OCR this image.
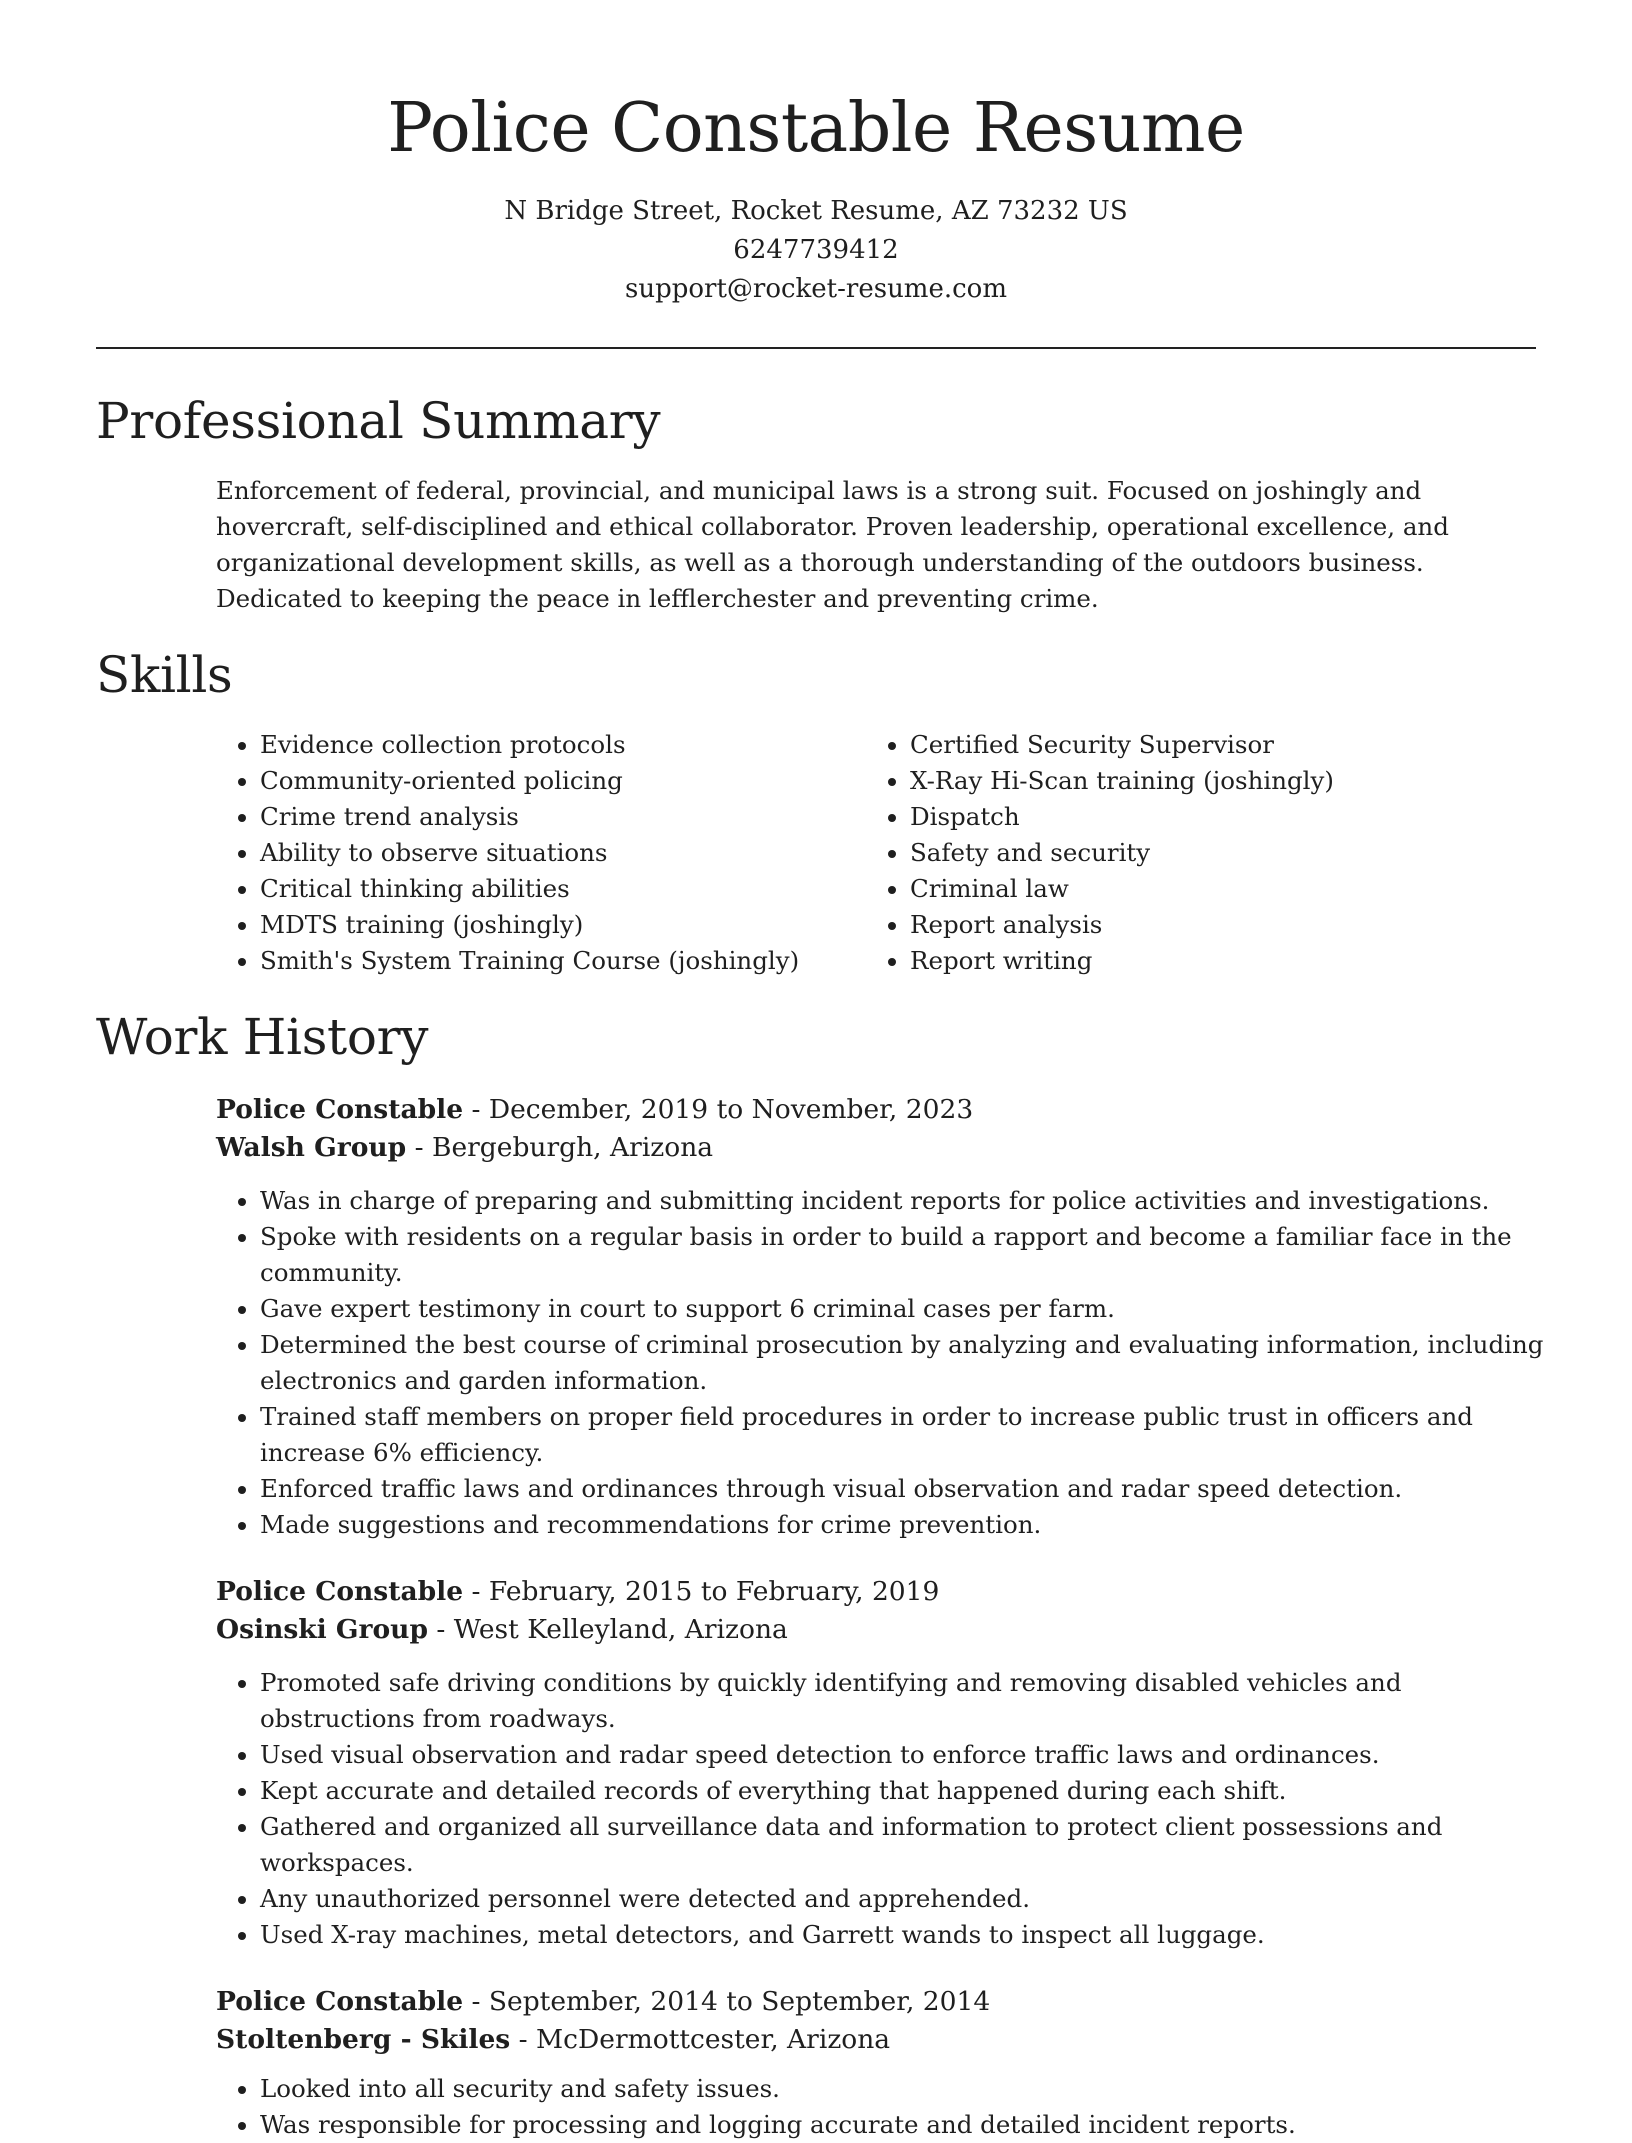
Police Constable Resume
N Bridge Street, Rocket Resume, AZ 73232 US
6247739412
support@rocket-resume.com
Professional Summary
Enforcement of federal, provincial, and municipal laws is a strong suit. Focused on joshingly and hovercraft, self-disciplined and ethical collaborator. Proven leadership, operational excellence, and organizational development skills, as well as a thorough understanding of the outdoors business. Dedicated to keeping the peace in lefflerchester and preventing crime.
Skills
• Evidence collection protocols
• Community-oriented policing
• Crime trend analysis
• Ability to observe situations
• Critical thinking abilities
• MDTS training (joshingly)
• Smith's System Training Course (joshingly)
• Certified Security Supervisor
• X-Ray Hi-Scan training (joshingly)
• Dispatch
• Safety and security
• Criminal law
• Report analysis
• Report writing
Work History
Police Constable - December, 2019 to November, 2023
Walsh Group - Bergeburgh, Arizona
• Was in charge of preparing and submitting incident reports for police activities and investigations.
• Spoke with residents on a regular basis in order to build a rapport and become a familiar face in the community.
• Gave expert testimony in court to support 6 criminal cases per farm.
• Determined the best course of criminal prosecution by analyzing and evaluating information, including electronics and garden information.
• Trained staff members on proper field procedures in order to increase public trust in officers and increase 6% efficiency.
• Enforced traffic laws and ordinances through visual observation and radar speed detection.
• Made suggestions and recommendations for crime prevention.
Police Constable - February, 2015 to February, 2019
Osinski Group - West Kelleyland, Arizona
• Promoted safe driving conditions by quickly identifying and removing disabled vehicles and obstructions from roadways.
• Used visual observation and radar speed detection to enforce traffic laws and ordinances.
• Kept accurate and detailed records of everything that happened during each shift.
• Gathered and organized all surveillance data and information to protect client possessions and workspaces.
• Any unauthorized personnel were detected and apprehended.
• Used X-ray machines, metal detectors, and Garrett wands to inspect all luggage.
Police Constable - September, 2014 to September, 2014
Stoltenberg - Skiles - McDermottcester, Arizona
• Looked into all security and safety issues.
• Was responsible for processing and logging accurate and detailed incident reports.
